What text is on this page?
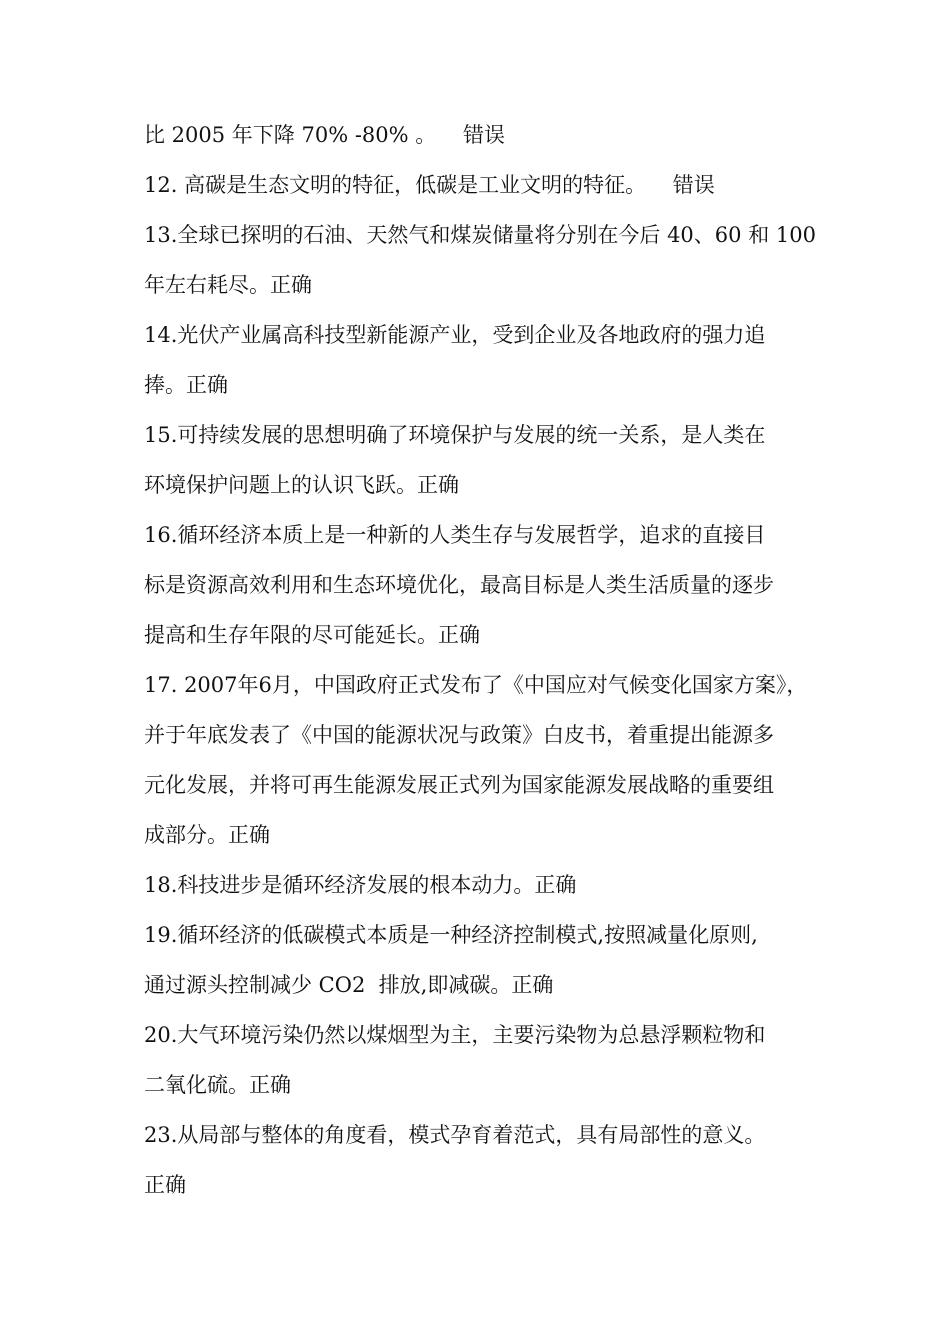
比 2005 年下降 70% -80% 。    错误
12. 高碳是生态文明的特征，低碳是工业文明的特征。    错误
13.全球已探明的石油、天然气和煤炭储量将分别在今后 40、60 和 100
年左右耗尽。正确
14.光伏产业属高科技型新能源产业，受到企业及各地政府的强力追
捧。正确
15.可持续发展的思想明确了环境保护与发展的统一关系，是人类在
环境保护问题上的认识飞跃。正确
16.循环经济本质上是一种新的人类生存与发展哲学，追求的直接目
标是资源高效利用和生态环境优化，最高目标是人类生活质量的逐步
提高和生存年限的尽可能延长。正确
17. 2007年6月，中国政府正式发布了《中国应对气候变化国家方案》，
并于年底发表了《中国的能源状况与政策》白皮书，着重提出能源多
元化发展，并将可再生能源发展正式列为国家能源发展战略的重要组
成部分。正确
18.科技进步是循环经济发展的根本动力。正确
19.循环经济的低碳模式本质是一种经济控制模式,按照减量化原则,
通过源头控制减少 CO2  排放,即减碳。正确
20.大气环境污染仍然以煤烟型为主，主要污染物为总悬浮颗粒物和
二氧化硫。正确
23.从局部与整体的角度看，模式孕育着范式，具有局部性的意义。
正确
